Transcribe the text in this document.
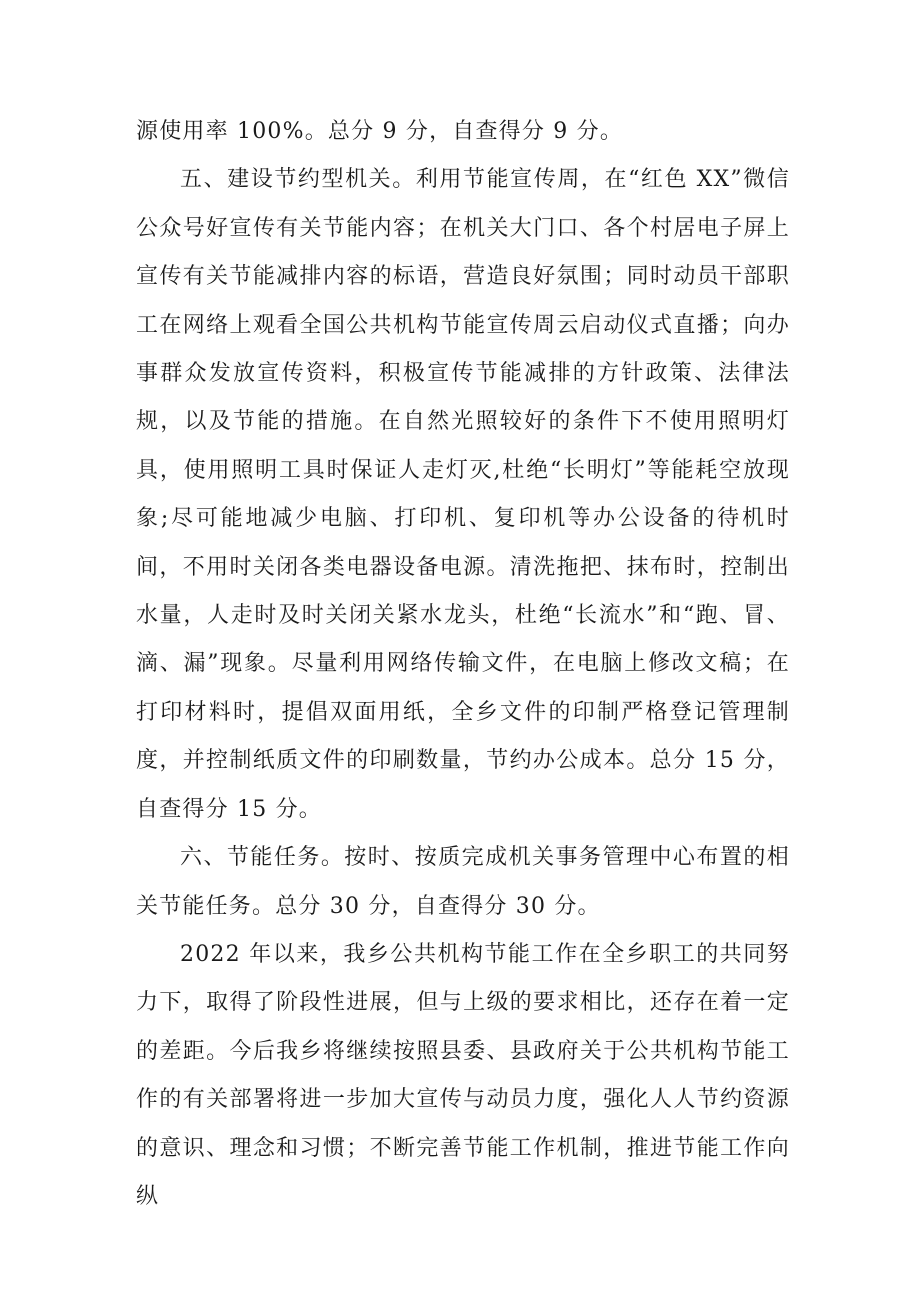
源使用率 100%。总分 9 分，自查得分 9 分。

五、建设节约型机关。利用节能宣传周，在“红色 XX”微信公众号好宣传有关节能内容；在机关大门口、各个村居电子屏上宣传有关节能减排内容的标语，营造良好氛围；同时动员干部职工在网络上观看全国公共机构节能宣传周云启动仪式直播；向办事群众发放宣传资料，积极宣传节能减排的方针政策、法律法规，以及节能的措施。在自然光照较好的条件下不使用照明灯具，使用照明工具时保证人走灯灭,杜绝“长明灯”等能耗空放现象;尽可能地减少电脑、打印机、复印机等办公设备的待机时间，不用时关闭各类电器设备电源。清洗拖把、抹布时，控制出水量，人走时及时关闭关紧水龙头，杜绝“长流水”和“跑、冒、滴、漏”现象。尽量利用网络传输文件，在电脑上修改文稿；在打印材料时，提倡双面用纸，全乡文件的印制严格登记管理制度，并控制纸质文件的印刷数量，节约办公成本。总分 15 分，自查得分 15 分。

六、节能任务。按时、按质完成机关事务管理中心布置的相关节能任务。总分 30 分，自查得分 30 分。

2022 年以来，我乡公共机构节能工作在全乡职工的共同努力下，取得了阶段性进展，但与上级的要求相比，还存在着一定的差距。今后我乡将继续按照县委、县政府关于公共机构节能工作的有关部署将进一步加大宣传与动员力度，强化人人节约资源的意识、理念和习惯；不断完善节能工作机制，推进节能工作向纵
